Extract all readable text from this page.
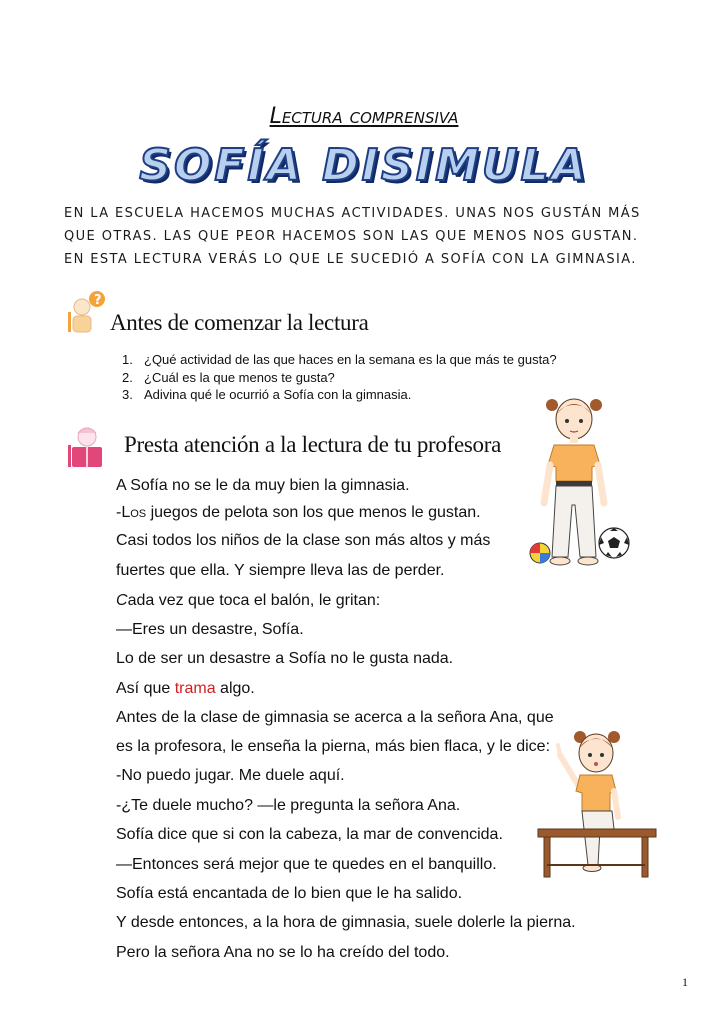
Lectura comprensiva
SOFÍA DISIMULA
EN LA ESCUELA HACEMOS MUCHAS ACTIVIDADES. UNAS NOS GUSTÁN MÁS
QUE OTRAS. LAS QUE PEOR HACEMOS SON LAS QUE MENOS NOS GUSTAN.
EN ESTA LECTURA VERÁS LO QUE LE SUCEDIÓ A SOFÍA CON LA GIMNASIA.
?
Antes de comenzar la lectura
1. ¿Qué actividad de las que haces en la semana es la que más te gusta?
2. ¿Cuál es la que menos te gusta?
3. Adivina qué le ocurrió a Sofía con la gimnasia.
Presta atención a la lectura de tu profesora
A Sofía no se le da muy bien la gimnasia.
-Los juegos de pelota son los que menos le gustan.
Casi todos los niños de la clase son más altos y más
fuertes que ella. Y siempre lleva las de perder.
Cada vez que toca el balón, le gritan:
—Eres un desastre, Sofía.
Lo de ser un desastre a Sofía no le gusta nada.
Así que trama algo.
Antes de la clase de gimnasia se acerca a la señora Ana, que
es la profesora, le enseña la pierna, más bien flaca, y le dice:
-No puedo jugar. Me duele aquí.
-¿Te duele mucho? —le pregunta la señora Ana.
Sofía dice que si con la cabeza, la mar de convencida.
—Entonces será mejor que te quedes en el banquillo.
Sofía está encantada de lo bien que le ha salido.
Y desde entonces, a la hora de gimnasia, suele dolerle la pierna.
Pero la señora Ana no se lo ha creído del todo.
1
